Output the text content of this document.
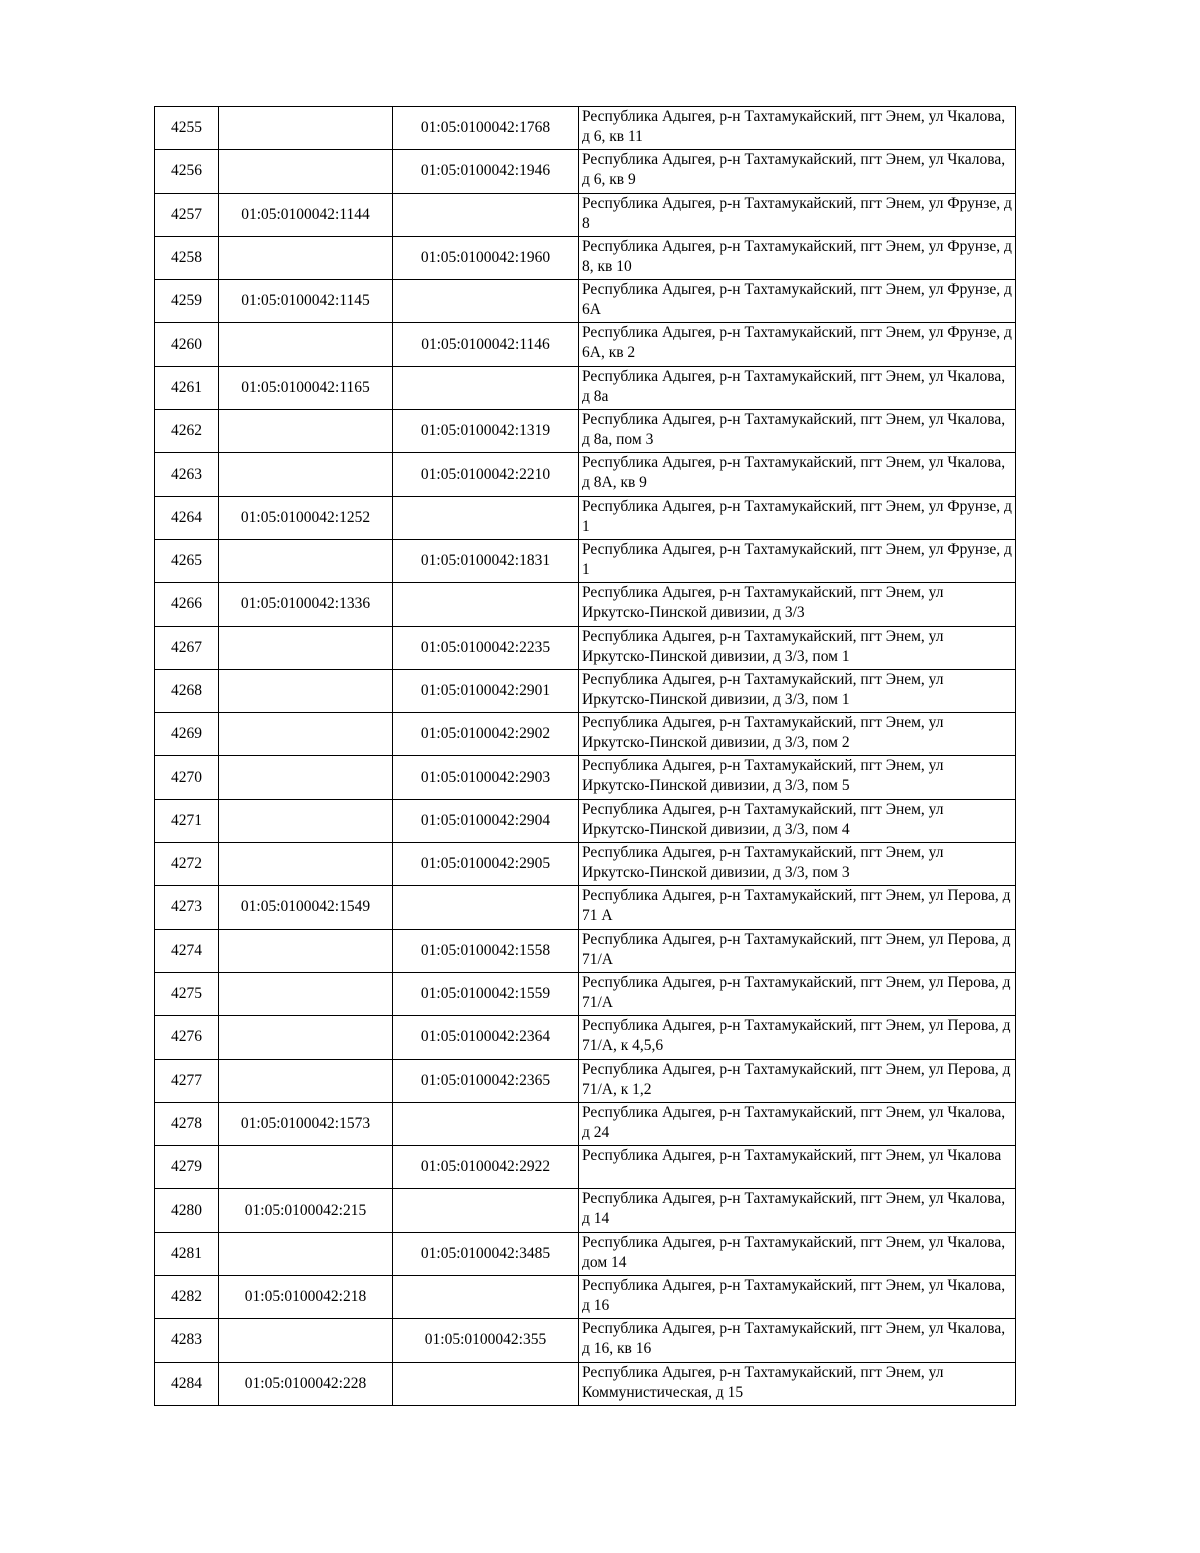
4255		01:05:0100042:1768	Республика Адыгея, р-н Тахтамукайский, пгт Энем, ул Чкалова, д 6, кв 11
4256		01:05:0100042:1946	Республика Адыгея, р-н Тахтамукайский, пгт Энем, ул Чкалова, д 6, кв 9
4257	01:05:0100042:1144		Республика Адыгея, р-н Тахтамукайский, пгт Энем, ул Фрунзе, д 8
4258		01:05:0100042:1960	Республика Адыгея, р-н Тахтамукайский, пгт Энем, ул Фрунзе, д 8, кв 10
4259	01:05:0100042:1145		Республика Адыгея, р-н Тахтамукайский, пгт Энем, ул Фрунзе, д 6А
4260		01:05:0100042:1146	Республика Адыгея, р-н Тахтамукайский, пгт Энем, ул Фрунзе, д 6А, кв 2
4261	01:05:0100042:1165		Республика Адыгея, р-н Тахтамукайский, пгт Энем, ул Чкалова, д 8а
4262		01:05:0100042:1319	Республика Адыгея, р-н Тахтамукайский, пгт Энем, ул Чкалова, д 8а, пом 3
4263		01:05:0100042:2210	Республика Адыгея, р-н Тахтамукайский, пгт Энем, ул Чкалова, д 8А, кв 9
4264	01:05:0100042:1252		Республика Адыгея, р-н Тахтамукайский, пгт Энем, ул Фрунзе, д 1
4265		01:05:0100042:1831	Республика Адыгея, р-н Тахтамукайский, пгт Энем, ул Фрунзе, д 1
4266	01:05:0100042:1336		Республика Адыгея, р-н Тахтамукайский, пгт Энем, ул Иркутско-Пинской дивизии, д 3/3
4267		01:05:0100042:2235	Республика Адыгея, р-н Тахтамукайский, пгт Энем, ул Иркутско-Пинской дивизии, д 3/3, пом 1
4268		01:05:0100042:2901	Республика Адыгея, р-н Тахтамукайский, пгт Энем, ул Иркутско-Пинской дивизии, д 3/3, пом 1
4269		01:05:0100042:2902	Республика Адыгея, р-н Тахтамукайский, пгт Энем, ул Иркутско-Пинской дивизии, д 3/3, пом 2
4270		01:05:0100042:2903	Республика Адыгея, р-н Тахтамукайский, пгт Энем, ул Иркутско-Пинской дивизии, д 3/3, пом 5
4271		01:05:0100042:2904	Республика Адыгея, р-н Тахтамукайский, пгт Энем, ул Иркутско-Пинской дивизии, д 3/3, пом 4
4272		01:05:0100042:2905	Республика Адыгея, р-н Тахтамукайский, пгт Энем, ул Иркутско-Пинской дивизии, д 3/3, пом 3
4273	01:05:0100042:1549		Республика Адыгея, р-н Тахтамукайский, пгт Энем, ул Перова, д 71 А
4274		01:05:0100042:1558	Республика Адыгея, р-н Тахтамукайский, пгт Энем, ул Перова, д 71/А
4275		01:05:0100042:1559	Республика Адыгея, р-н Тахтамукайский, пгт Энем, ул Перова, д 71/А
4276		01:05:0100042:2364	Республика Адыгея, р-н Тахтамукайский, пгт Энем, ул Перова, д 71/А, к 4,5,6
4277		01:05:0100042:2365	Республика Адыгея, р-н Тахтамукайский, пгт Энем, ул Перова, д 71/А, к 1,2
4278	01:05:0100042:1573		Республика Адыгея, р-н Тахтамукайский, пгт Энем, ул Чкалова, д 24
4279		01:05:0100042:2922	Республика Адыгея, р-н Тахтамукайский, пгт Энем, ул Чкалова
4280	01:05:0100042:215		Республика Адыгея, р-н Тахтамукайский, пгт Энем, ул Чкалова, д 14
4281		01:05:0100042:3485	Республика Адыгея, р-н Тахтамукайский, пгт Энем, ул Чкалова, дом 14
4282	01:05:0100042:218		Республика Адыгея, р-н Тахтамукайский, пгт Энем, ул Чкалова, д 16
4283		01:05:0100042:355	Республика Адыгея, р-н Тахтамукайский, пгт Энем, ул Чкалова, д 16, кв 16
4284	01:05:0100042:228		Республика Адыгея, р-н Тахтамукайский, пгт Энем, ул Коммунистическая, д 15
